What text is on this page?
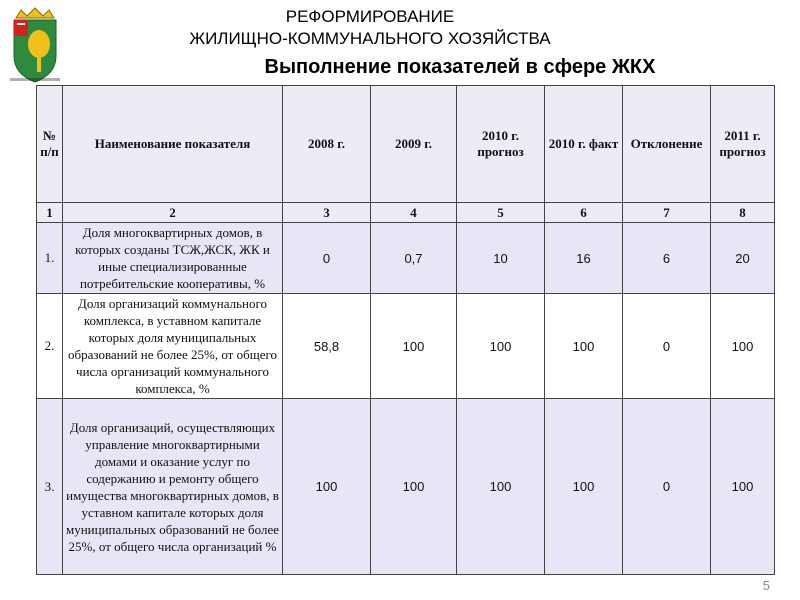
РЕФОРМИРОВАНИЕ
ЖИЛИЩНО-КОММУНАЛЬНОГО ХОЗЯЙСТВА
Выполнение показателей в сфере ЖКХ
№ п/п	Наименование показателя	2008 г.	2009 г.	2010 г. прогноз	2010 г. факт	Отклонение	2011 г. прогноз
1	2	3	4	5	6	7	8
1.	Доля многоквартирных домов, в которых созданы ТСЖ,ЖСК, ЖК и иные специализированные потребительские кооперативы, %	0	0,7	10	16	6	20
2.	Доля организаций коммунального комплекса, в уставном капитале которых доля муниципальных образований не более 25%, от общего числа организаций коммунального комплекса, %	58,8	100	100	100	0	100
3.	Доля организаций, осуществляющих управление многоквартирными домами и оказание услуг по содержанию и ремонту общего имущества многоквартирных домов, в уставном капитале которых доля муниципальных образований не более 25%, от общего числа организаций %	100	100	100	100	0	100
5
